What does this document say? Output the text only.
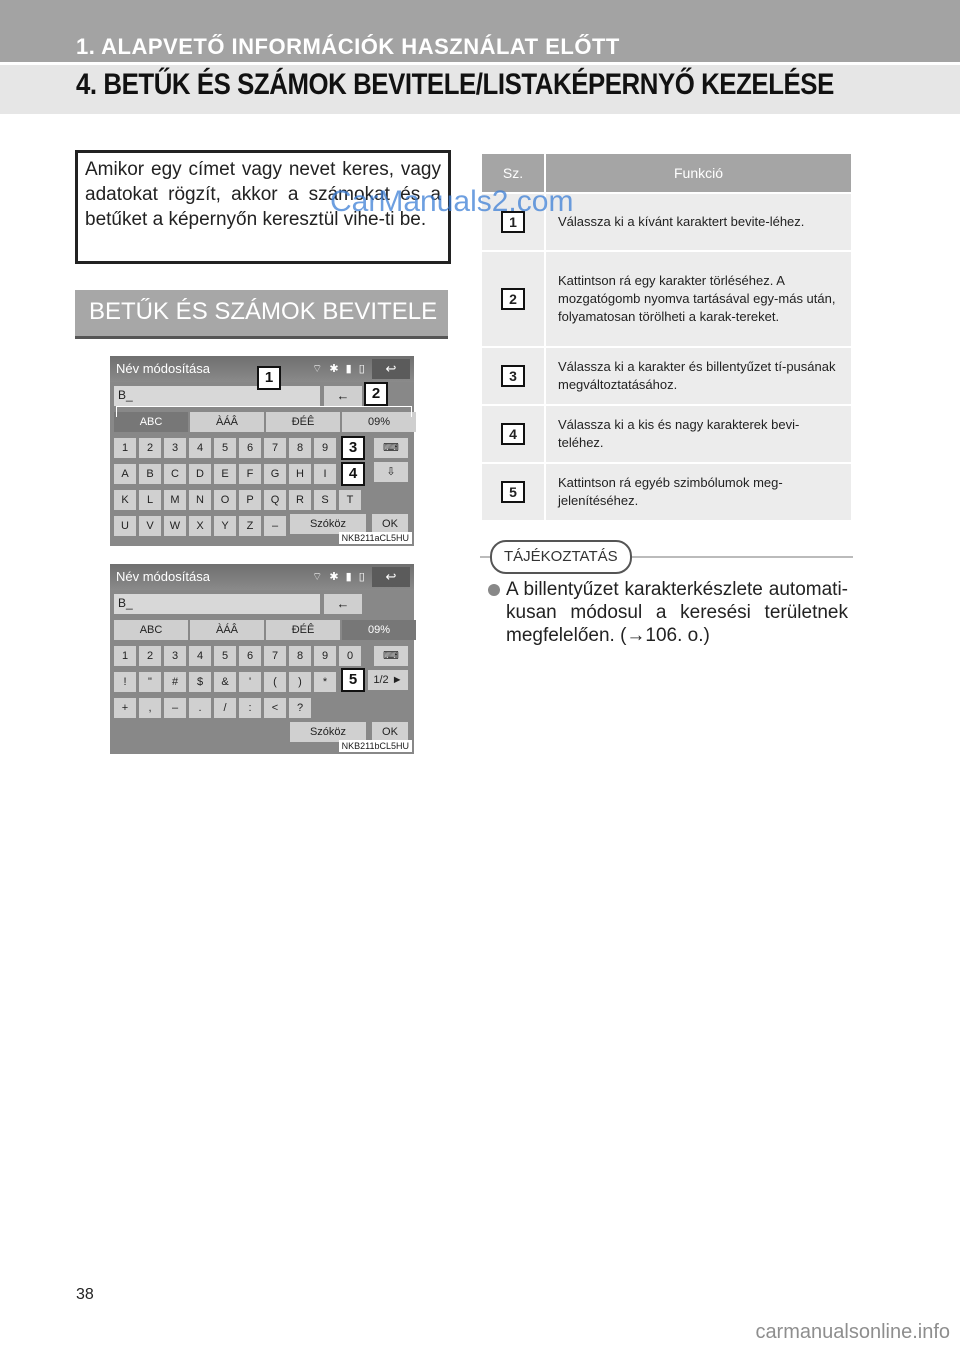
1. ALAPVETŐ INFORMÁCIÓK HASZNÁLAT ELŐTT
4. BETŰK ÉS SZÁMOK BEVITELE/LISTAKÉPERNYŐ KEZELÉSE
Amikor egy címet vagy nevet keres, vagy adatokat rögzít, akkor a számokat és a betűket a képernyőn keresztül vihe-ti be.
BETŰK ÉS SZÁMOK BEVITELE
Név módosítása	⌔ ✱ ▮ ▯	↩
B_	←
ABC	ÀÁÂ	ĐÉÊ	09%
1	2	3	4	5	6	7	8	9
A	B	C	D	E	F	G	H	I
K	L	M	N	O	P	Q	R	S	T
U	V	W	X	Y	Z	–
⌨
⇩
Szóköz	OK
NKB211aCL5HU
Név módosítása	⌔ ✱ ▮ ▯	↩
B_	←
ABC	ÀÁÂ	ĐÉÊ	09%
1	2	3	4	5	6	7	8	9	0
!	"	#	$	&	'	(	)	*
+	,	–	.	/	:	<	?
⌨
1/2 ►
Szóköz	OK
NKB211bCL5HU
1
2
3
4
5
Sz.	Funkció
1	Válassza ki a kívánt karaktert bevite-léhez.
2	Kattintson rá egy karakter törléséhez. A mozgatógomb nyomva tartásával egy-más után, folyamatosan törölheti a karak-tereket.
3	Válassza ki a karakter és billentyűzet tí-pusának megváltoztatásához.
4	Válassza ki a kis és nagy karakterek bevi-teléhez.
5	Kattintson rá egyéb szimbólumok meg-jelenítéséhez.
TÁJÉKOZTATÁS
A billentyűzet karakterkészlete automati-kusan módosul a keresési területnek megfelelően. (→106. o.)
CarManuals2.com
carmanualsonline.info
38
